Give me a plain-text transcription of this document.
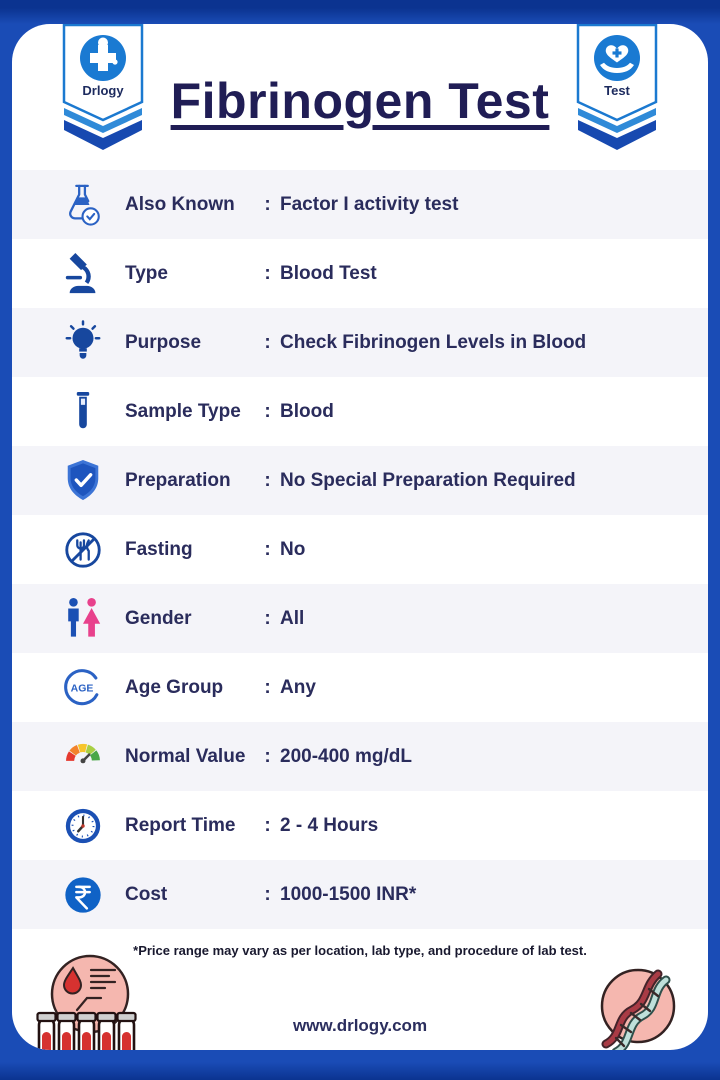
Drlogy Fibrinogen Test	Test
Also Known	: Factor I activity test
Type	: Blood Test
Purpose	: Check Fibrinogen Levels in Blood
Sample Type	: Blood
Preparation	: No Special Preparation Required
Fasting	: No
Gender	: All
AGE Age Group	: Any
Normal Value : 200-400 mg/dL
Report Time	: 2 - 4 Hours
Cost	: 1000-1500 INR*
*Price range may vary as per location, lab type, and procedure of lab test.
www.drlogy.com
